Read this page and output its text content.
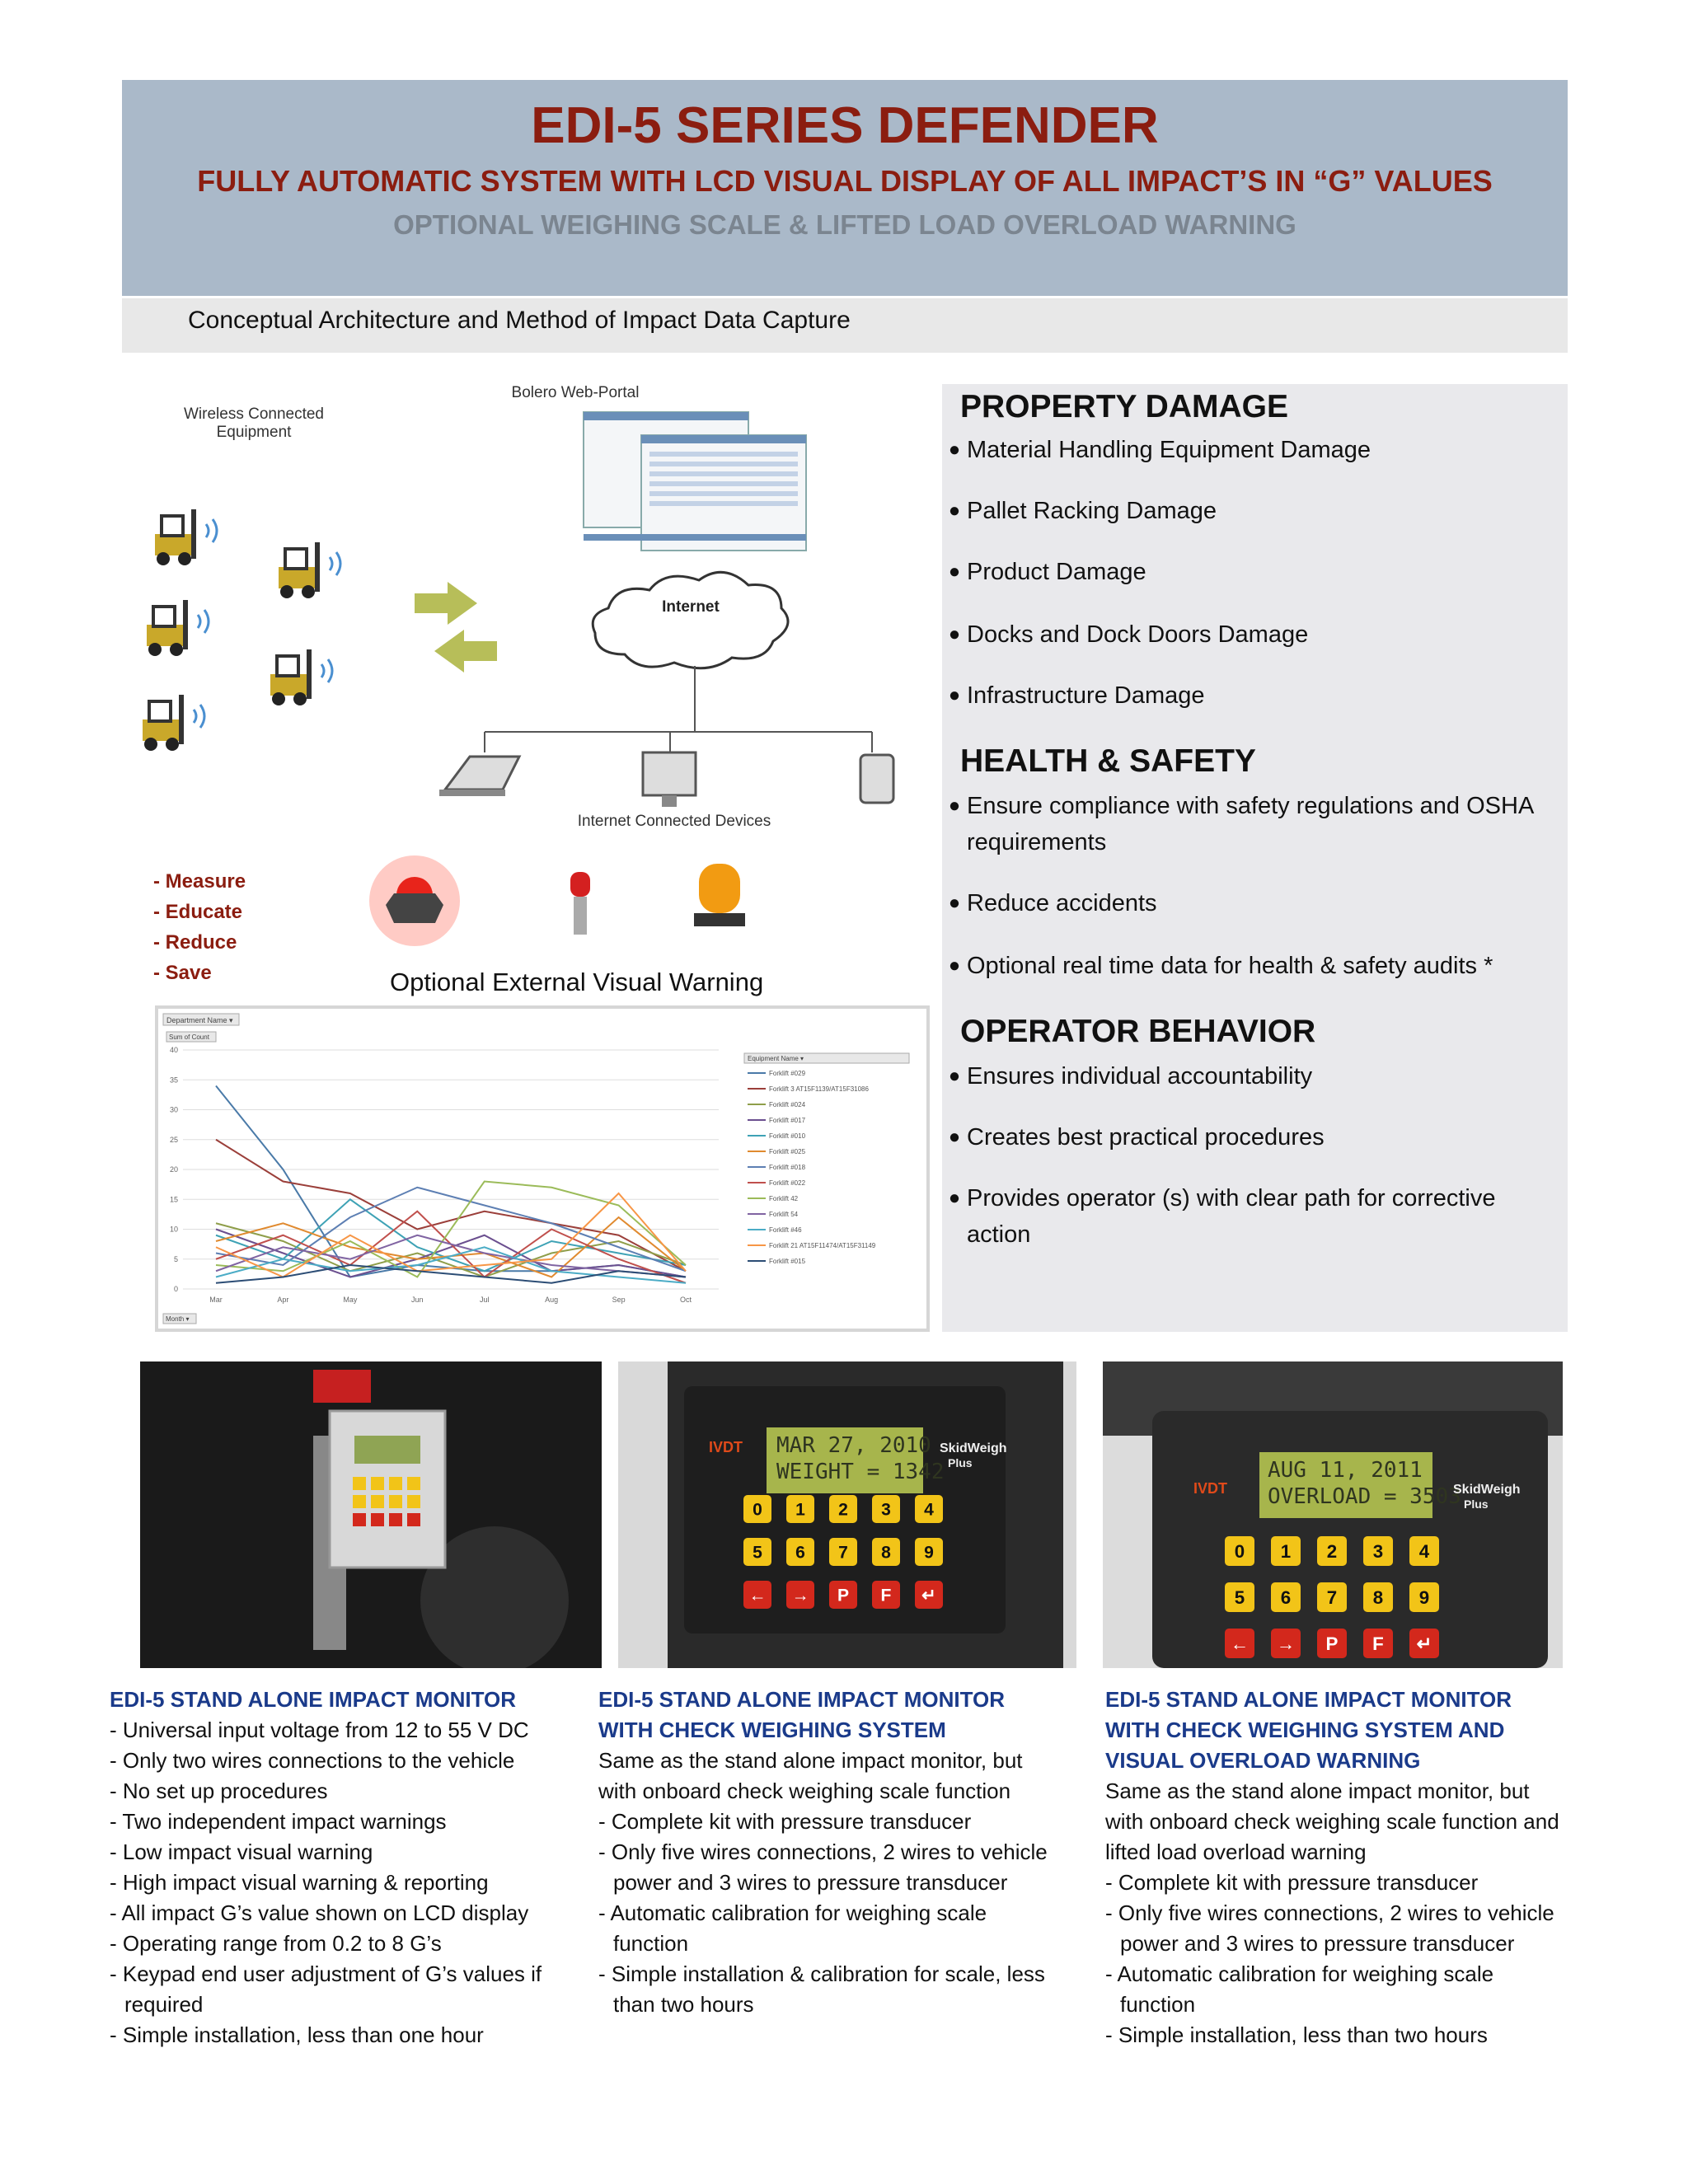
EDI-5 SERIES DEFENDER
FULLY AUTOMATIC SYSTEM WITH LCD VISUAL DISPLAY OF ALL IMPACT’S IN “G” VALUES
OPTIONAL WEIGHING SCALE & LIFTED LOAD OVERLOAD WARNING
Conceptual Architecture and Method of Impact Data Capture
Wireless Connected
Equipment
Bolero Web-Portal
Internet
Internet Connected Devices
- Measure
- Educate
- Reduce
- Save	Optional External Visual Warning
Department Name ▾
Sum of Count
Month ▾
0
5
10
15
20
25
30
35
40
Mar	Apr	May	Jun	Jul	Aug	Sep	Oct
Equipment Name ▾
Forklift #029
Forklift 3 AT15F1139/AT15F31086
Forklift #024
Forklift #017
Forklift #010
Forklift #025
Forklift #018
Forklift #022
Forklift 42
Forklift 54
Forklift #46
Forklift 21 AT15F11474/AT15F31149
Forklift #015
PROPERTY DAMAGE
● Material Handling Equipment Damage
● Pallet Racking Damage
● Product Damage
● Docks and Dock Doors Damage
● Infrastructure Damage
HEALTH & SAFETY
● Ensure compliance with safety regulations and OSHA
requirements
● Reduce accidents
● Optional real time data for health & safety audits *
OPERATOR BEHAVIOR
● Ensures individual accountability
● Creates best practical procedures
● Provides operator (s) with clear path for corrective
action
MAR 27, 2010
WEIGHT = 1342
IVDT	SkidWeigh
Plus
0 1 2 3 4
5 6 7 8 9
← → P F ↵
AUG 11, 2011
OVERLOAD = 3503
IVDT	SkidWeigh
Plus
0 1 2 3 4
5 6 7 8 9
← → P F ↵
EDI-5 STAND ALONE IMPACT MONITOR
- Universal input voltage from 12 to 55 V DC
- Only two wires connections to the vehicle
- No set up procedures
- Two independent impact warnings
- Low impact visual warning
- High impact visual warning & reporting
- All impact G’s value shown on LCD display
- Operating range from 0.2 to 8 G’s
- Keypad end user adjustment of G’s values if
required
- Simple installation, less than one hour
EDI-5 STAND ALONE IMPACT MONITOR
WITH CHECK WEIGHING SYSTEM
Same as the stand alone impact monitor, but
with onboard check weighing scale function
- Complete kit with pressure transducer
- Only five wires connections, 2 wires to vehicle
power and 3 wires to pressure transducer
- Automatic calibration for weighing scale
function
- Simple installation & calibration for scale, less
than two hours
EDI-5 STAND ALONE IMPACT MONITOR
WITH CHECK WEIGHING SYSTEM AND
VISUAL OVERLOAD WARNING
Same as the stand alone impact monitor, but
with onboard check weighing scale function and
lifted load overload warning
- Complete kit with pressure transducer
- Only five wires connections, 2 wires to vehicle
power and 3 wires to pressure transducer
- Automatic calibration for weighing scale
function
- Simple installation, less than two hours
